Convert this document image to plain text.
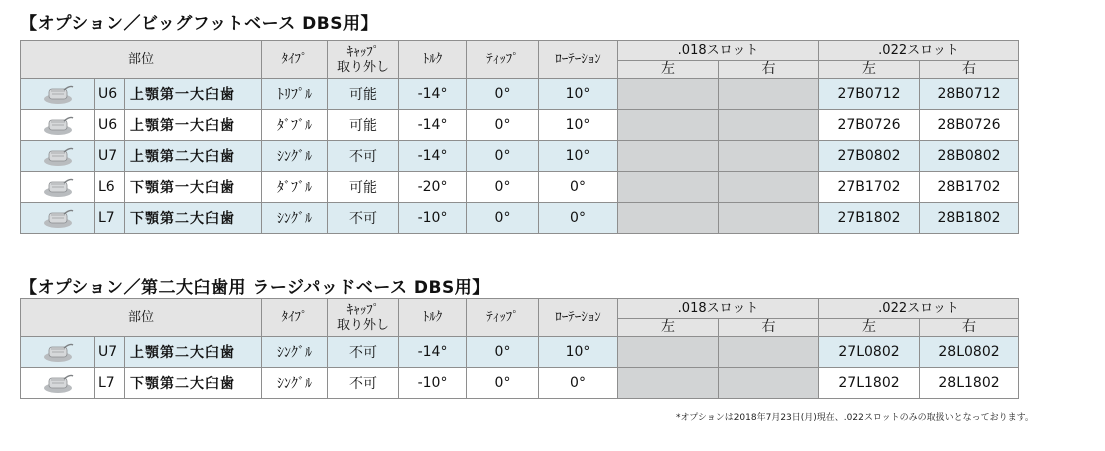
【オプション／ビッグフットベース DBS用】
部位			ﾀｲﾌﾟ	ｷｬｯﾌﾟ
取り外し	ﾄﾙｸ	ﾃｨｯﾌﾟ	ﾛｰﾃｰｼｮﾝ	.018スロット		.022スロット	
								左	右	左	右

	U6	上顎第一大臼歯	ﾄﾘﾌﾟﾙ	可能	-14°	0°	10°			27B0712	28B0712

	U6	上顎第一大臼歯	ﾀﾞﾌﾞﾙ	可能	-14°	0°	10°			27B0726	28B0726

	U7	上顎第二大臼歯	ｼﾝｸﾞﾙ	不可	-14°	0°	10°			27B0802	28B0802

	L6	下顎第一大臼歯	ﾀﾞﾌﾞﾙ	可能	-20°	0°	0°			27B1702	28B1702

	L7	下顎第二大臼歯	ｼﾝｸﾞﾙ	不可	-10°	0°	0°			27B1802	28B1802
【オプション／第二大臼歯用 ラージパッドベース DBS用】
部位			ﾀｲﾌﾟ	ｷｬｯﾌﾟ
取り外し	ﾄﾙｸ	ﾃｨｯﾌﾟ	ﾛｰﾃｰｼｮﾝ	.018スロット		.022スロット	
								左	右	左	右

	U7	上顎第二大臼歯	ｼﾝｸﾞﾙ	不可	-14°	0°	10°			27L0802	28L0802

	L7	下顎第二大臼歯	ｼﾝｸﾞﾙ	不可	-10°	0°	0°			27L1802	28L1802
*オプションは2018年7月23日(月)現在、.022スロットのみの取扱いとなっております。
